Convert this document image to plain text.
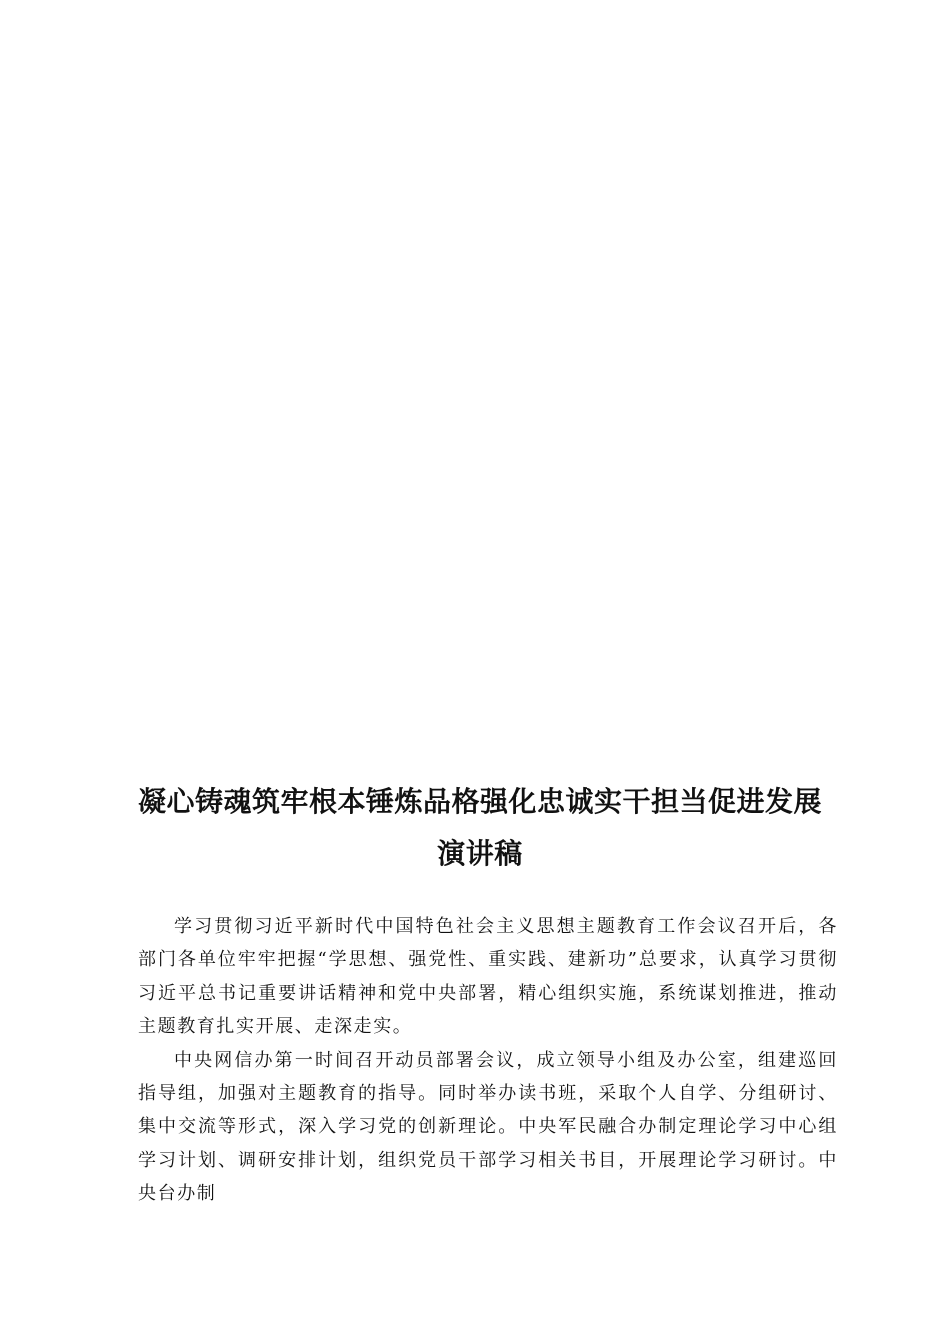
凝心铸魂筑牢根本锤炼品格强化忠诚实干担当促进发展
演讲稿

学习贯彻习近平新时代中国特色社会主义思想主题教育工作会议召开后，各部门各单位牢牢把握“学思想、强党性、重实践、建新功”总要求，认真学习贯彻习近平总书记重要讲话精神和党中央部署，精心组织实施，系统谋划推进，推动主题教育扎实开展、走深走实。

中央网信办第一时间召开动员部署会议，成立领导小组及办公室，组建巡回指导组，加强对主题教育的指导。同时举办读书班，采取个人自学、分组研讨、集中交流等形式，深入学习党的创新理论。中央军民融合办制定理论学习中心组学习计划、调研安排计划，组织党员干部学习相关书目，开展理论学习研讨。中央台办制
